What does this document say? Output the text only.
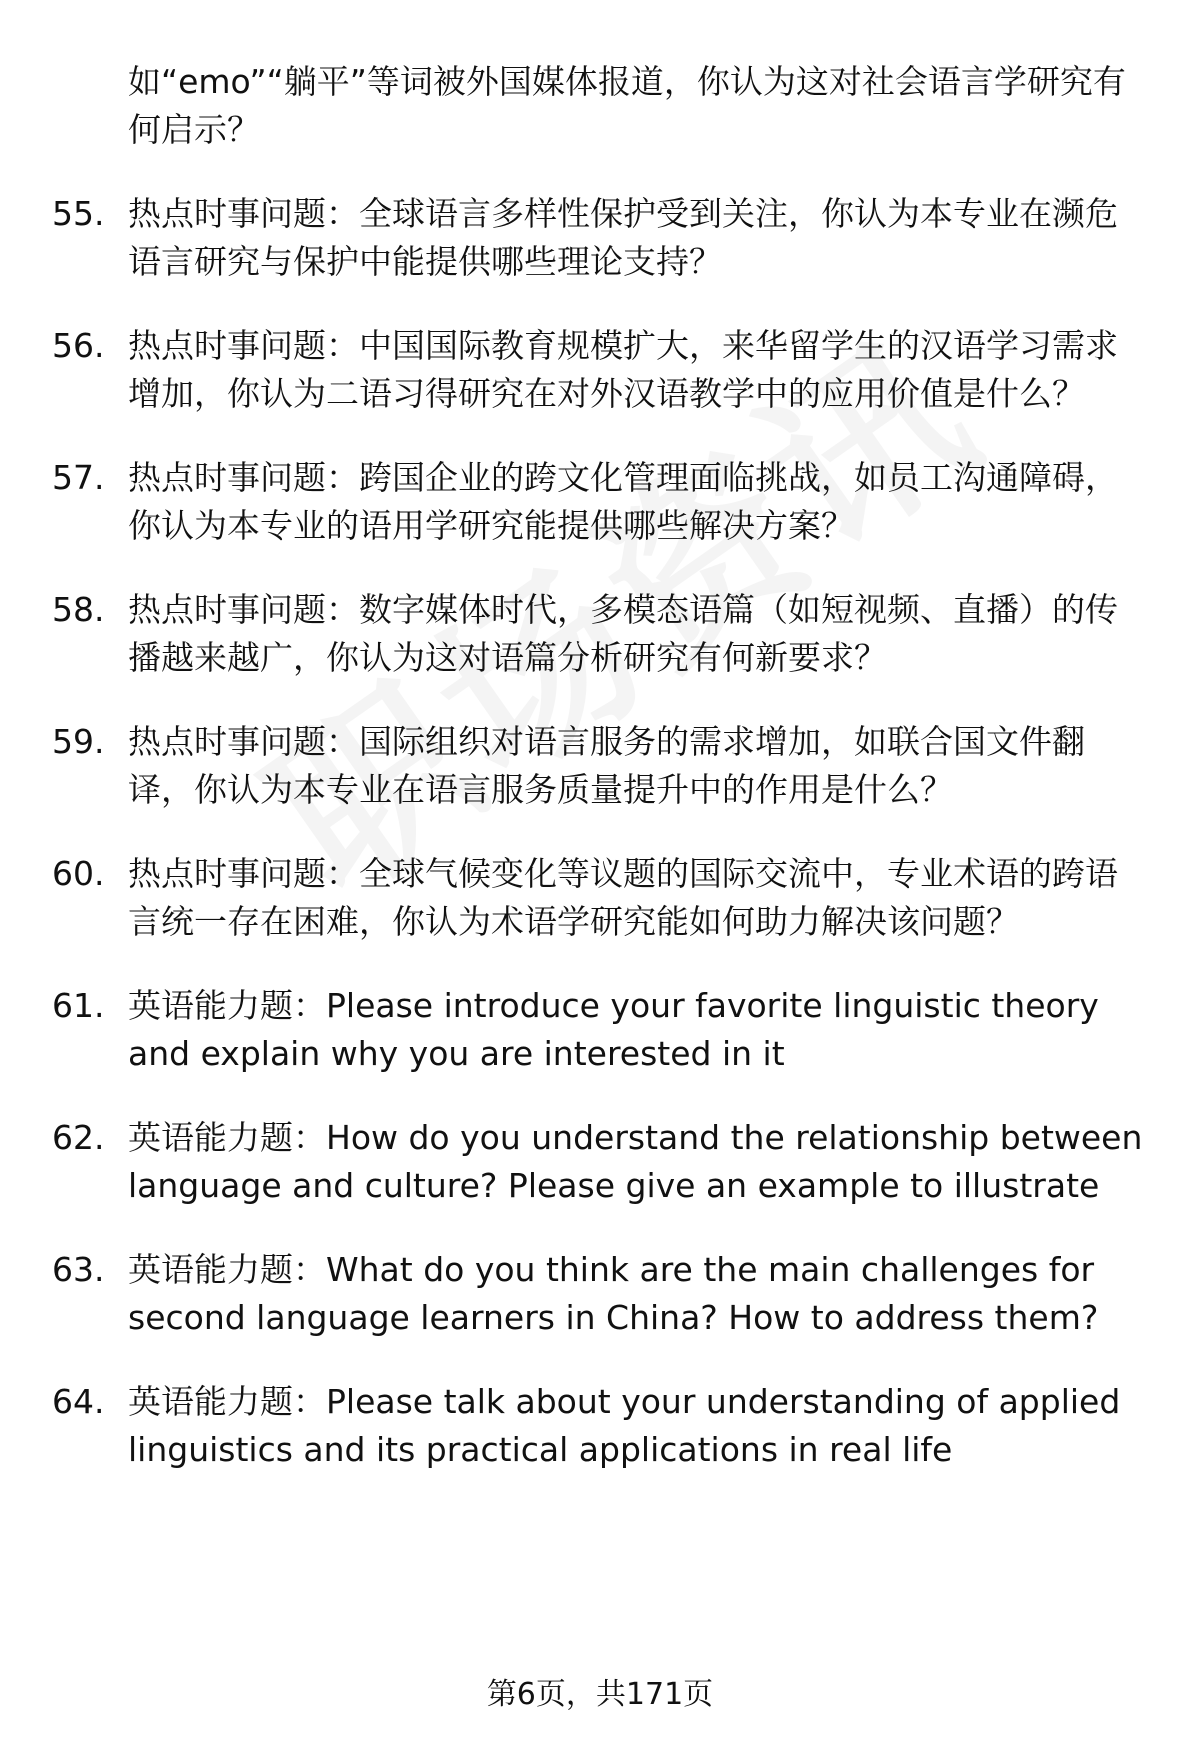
如“emo”“躺平”等词被外国媒体报道，你认为这对社会语言学研究有何启示？
55. 热点时事问题：全球语言多样性保护受到关注，你认为本专业在濒危语言研究与保护中能提供哪些理论支持？
56. 热点时事问题：中国国际教育规模扩大，来华留学生的汉语学习需求增加，你认为二语习得研究在对外汉语教学中的应用价值是什么？
57. 热点时事问题：跨国企业的跨文化管理面临挑战，如员工沟通障碍，你认为本专业的语用学研究能提供哪些解决方案？
58. 热点时事问题：数字媒体时代，多模态语篇（如短视频、直播）的传播越来越广，你认为这对语篇分析研究有何新要求？
59. 热点时事问题：国际组织对语言服务的需求增加，如联合国文件翻译，你认为本专业在语言服务质量提升中的作用是什么？
60. 热点时事问题：全球气候变化等议题的国际交流中，专业术语的跨语言统一存在困难，你认为术语学研究能如何助力解决该问题？
61. 英语能力题：Please introduce your favorite linguistic theory and explain why you are interested in it
62. 英语能力题：How do you understand the relationship between language and culture? Please give an example to illustrate
63. 英语能力题：What do you think are the main challenges for second language learners in China? How to address them?
64. 英语能力题：Please talk about your understanding of applied linguistics and its practical applications in real life
第6页，共171页
